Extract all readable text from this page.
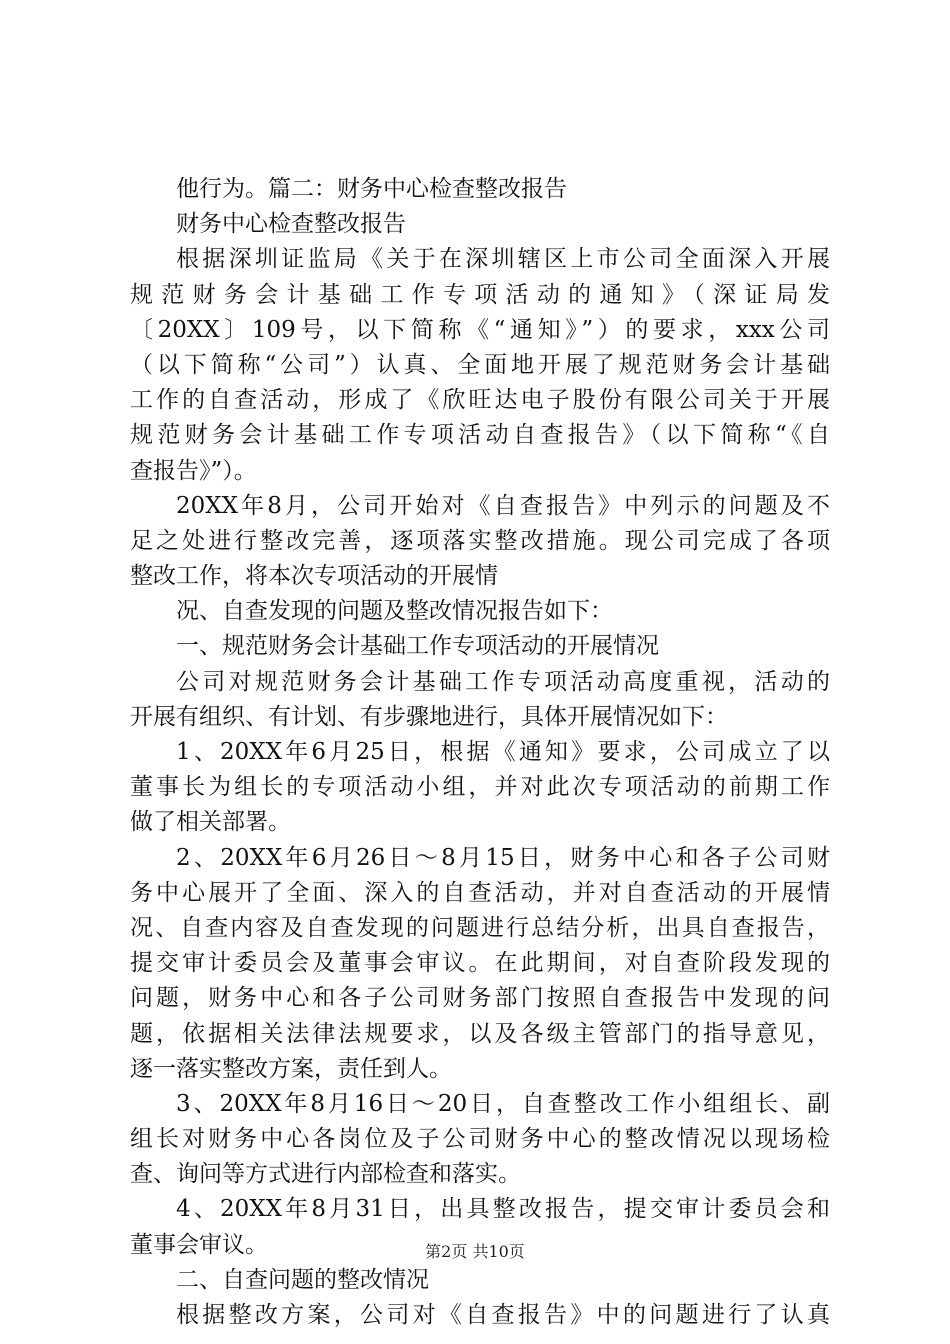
他行为。篇二：财务中心检查整改报告
财务中心检查整改报告
根据深圳证监局《关于在深圳辖区上市公司全面深入开展
规范财务会计基础工作专项活动的通知》（深证局发
〔20XX〕109号，以下简称《“通知》”）的要求，xxx公司
（以下简称“公司”）认真、全面地开展了规范财务会计基础
工作的自查活动，形成了《欣旺达电子股份有限公司关于开展
规范财务会计基础工作专项活动自查报告》（以下简称“《自
查报告》”）。
20XX年8月，公司开始对《自查报告》中列示的问题及不
足之处进行整改完善，逐项落实整改措施。现公司完成了各项
整改工作，将本次专项活动的开展情
况、自查发现的问题及整改情况报告如下：
一、规范财务会计基础工作专项活动的开展情况
公司对规范财务会计基础工作专项活动高度重视，活动的
开展有组织、有计划、有步骤地进行，具体开展情况如下：
1、20XX年6月25日，根据《通知》要求，公司成立了以
董事长为组长的专项活动小组，并对此次专项活动的前期工作
做了相关部署。
2、20XX年6月26日～8月15日，财务中心和各子公司财
务中心展开了全面、深入的自查活动，并对自查活动的开展情
况、自查内容及自查发现的问题进行总结分析，出具自查报告，
提交审计委员会及董事会审议。在此期间，对自查阶段发现的
问题，财务中心和各子公司财务部门按照自查报告中发现的问
题，依据相关法律法规要求，以及各级主管部门的指导意见，
逐一落实整改方案，责任到人。
3、20XX年8月16日～20日，自查整改工作小组组长、副
组长对财务中心各岗位及子公司财务中心的整改情况以现场检
查、询问等方式进行内部检查和落实。
4、20XX年8月31日，出具整改报告，提交审计委员会和
董事会审议。
二、自查问题的整改情况
根据整改方案，公司对《自查报告》中的问题进行了认真
第2页 共10页
